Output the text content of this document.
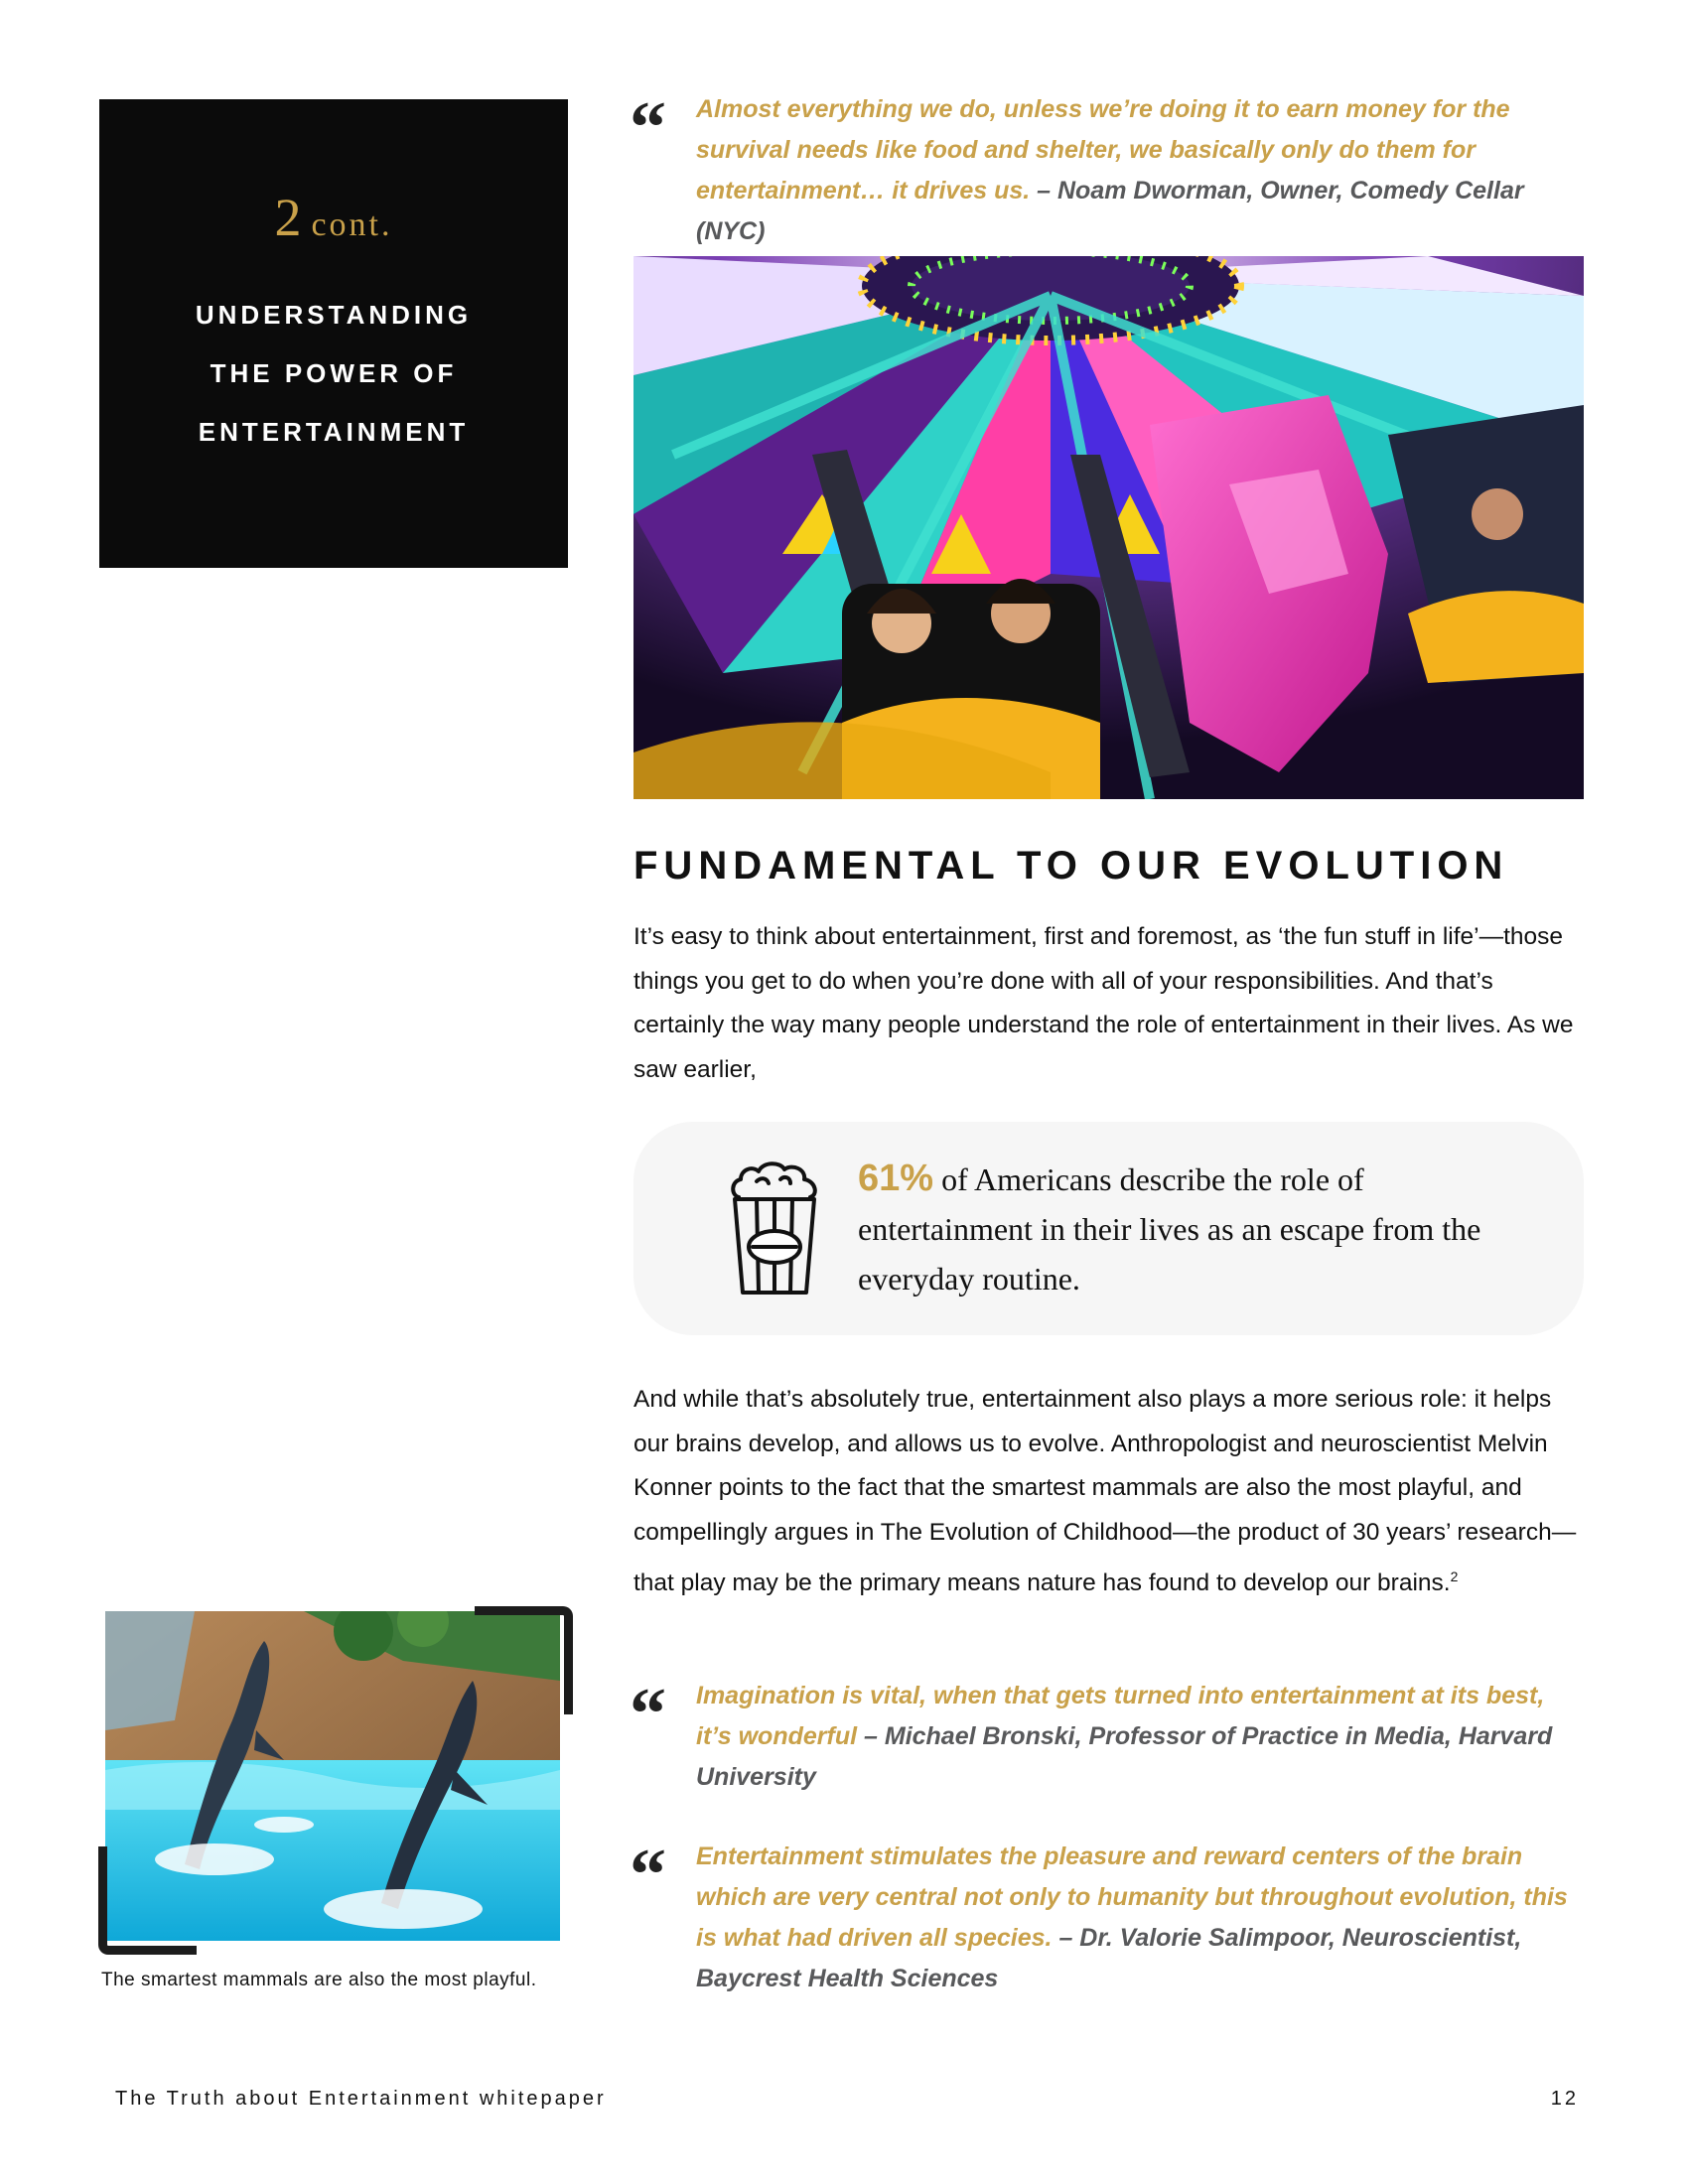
2 cont.
UNDERSTANDING
THE POWER OF
ENTERTAINMENT
“ Almost everything we do, unless we’re doing it to earn money for the survival needs like food and shelter, we basically only do them for entertainment… it drives us. – Noam Dworman, Owner, Comedy Cellar (NYC)
FUNDAMENTAL TO OUR EVOLUTION
It’s easy to think about entertainment, first and foremost, as ‘the fun stuff in life’—those things you get to do when you’re done with all of your responsibilities. And that’s certainly the way many people understand the role of entertainment in their lives. As we saw earlier,
61% of Americans describe the role of entertainment in their lives as an escape from the everyday routine.
And while that’s absolutely true, entertainment also plays a more serious role: it helps our brains develop, and allows us to evolve. Anthropologist and neuroscientist Melvin Konner points to the fact that the smartest mammals are also the most playful, and compellingly argues in The Evolution of Childhood—the product of 30 years’ research—that play may be the primary means nature has found to develop our brains.$^2$
“ Imagination is vital, when that gets turned into entertainment at its best, it’s wonderful – Michael Bronski, Professor of Practice in Media, Harvard University
“ Entertainment stimulates the pleasure and reward centers of the brain which are very central not only to humanity but throughout evolution, this is what had driven all species. – Dr. Valorie Salimpoor, Neuroscientist, Baycrest Health Sciences
The smartest mammals are also the most playful.
The Truth about Entertainment whitepaper	12
